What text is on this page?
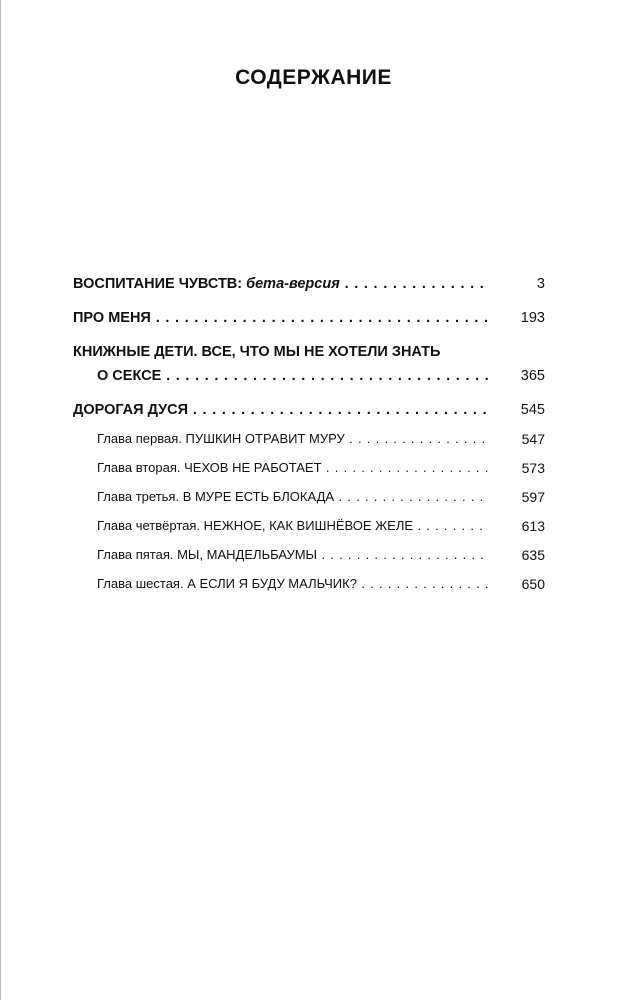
СОДЕРЖАНИЕ
ВОСПИТАНИЕ ЧУВСТВ: бета-версия . . .	3
ПРО МЕНЯ . . .	193
КНИЖНЫЕ ДЕТИ. ВСЕ, ЧТО МЫ НЕ ХОТЕЛИ ЗНАТЬ
О СЕКСЕ . . .	365
ДОРОГАЯ ДУСЯ . . .	545
Глава первая. ПУШКИН ОТРАВИТ МУРУ . . .	547
Глава вторая. ЧЕХОВ НЕ РАБОТАЕТ . . .	573
Глава третья. В МУРЕ ЕСТЬ БЛОКАДА . . .	597
Глава четвёртая. НЕЖНОЕ, КАК ВИШНЁВОЕ ЖЕЛЕ . . .	613
Глава пятая. МЫ, МАНДЕЛЬБАУМЫ . . .	635
Глава шестая. А ЕСЛИ Я БУДУ МАЛЬЧИК? . . .	650
